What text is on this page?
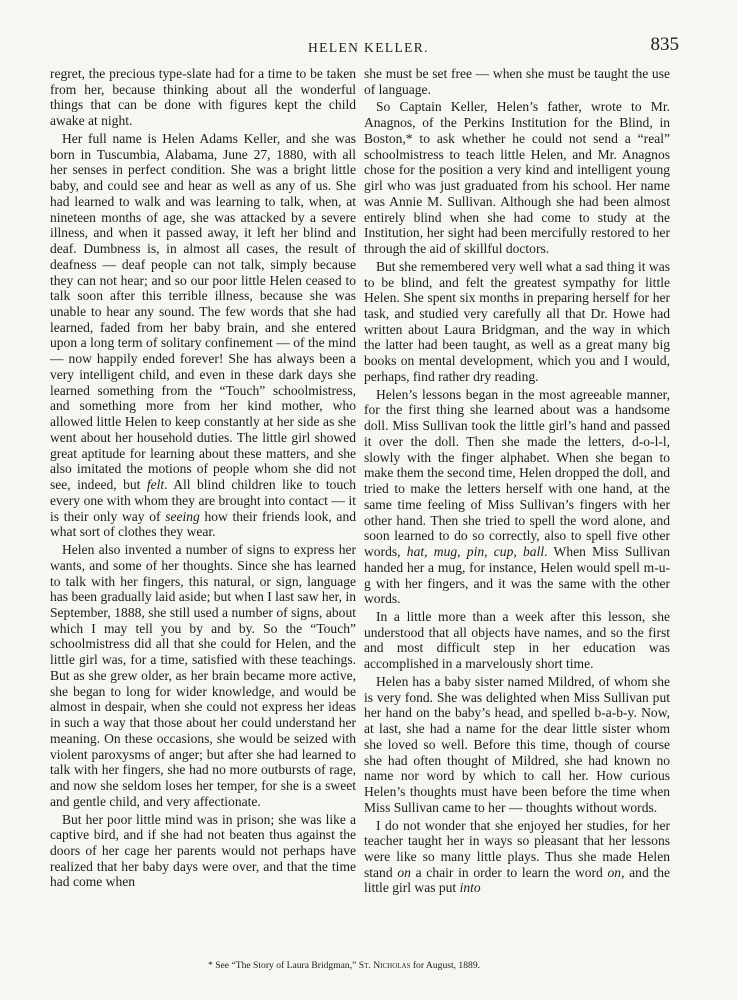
HELEN KELLER.	835

regret, the precious type-slate had for a time to be taken from her, because thinking about all the wonderful things that can be done with figures kept the child awake at night.

Her full name is Helen Adams Keller, and she was born in Tuscumbia, Alabama, June 27, 1880, with all her senses in perfect condition. She was a bright little baby, and could see and hear as well as any of us. She had learned to walk and was learning to talk, when, at nineteen months of age, she was attacked by a severe illness, and when it passed away, it left her blind and deaf. Dumbness is, in almost all cases, the result of deafness — deaf people can not talk, simply because they can not hear; and so our poor little Helen ceased to talk soon after this terrible illness, because she was unable to hear any sound. The few words that she had learned, faded from her baby brain, and she entered upon a long term of solitary confinement — of the mind — now happily ended forever! She has always been a very intelligent child, and even in these dark days she learned something from the “Touch” schoolmistress, and something more from her kind mother, who allowed little Helen to keep constantly at her side as she went about her household duties. The little girl showed great aptitude for learning about these matters, and she also imitated the motions of people whom she did not see, indeed, but felt. All blind children like to touch every one with whom they are brought into contact — it is their only way of seeing how their friends look, and what sort of clothes they wear.

Helen also invented a number of signs to express her wants, and some of her thoughts. Since she has learned to talk with her fingers, this natural, or sign, language has been gradually laid aside; but when I last saw her, in September, 1888, she still used a number of signs, about which I may tell you by and by. So the “Touch” schoolmistress did all that she could for Helen, and the little girl was, for a time, satisfied with these teachings. But as she grew older, as her brain became more active, she began to long for wider knowledge, and would be almost in despair, when she could not express her ideas in such a way that those about her could understand her meaning. On these occasions, she would be seized with violent paroxysms of anger; but after she had learned to talk with her fingers, she had no more outbursts of rage, and now she seldom loses her temper, for she is a sweet and gentle child, and very affectionate.

But her poor little mind was in prison; she was like a captive bird, and if she had not beaten thus against the doors of her cage her parents would not perhaps have realized that her baby days were over, and that the time had come when

she must be set free — when she must be taught the use of language.

So Captain Keller, Helen’s father, wrote to Mr. Anagnos, of the Perkins Institution for the Blind, in Boston,* to ask whether he could not send a “real” schoolmistress to teach little Helen, and Mr. Anagnos chose for the position a very kind and intelligent young girl who was just graduated from his school. Her name was Annie M. Sullivan. Although she had been almost entirely blind when she had come to study at the Institution, her sight had been mercifully restored to her through the aid of skillful doctors.

But she remembered very well what a sad thing it was to be blind, and felt the greatest sympathy for little Helen. She spent six months in preparing herself for her task, and studied very carefully all that Dr. Howe had written about Laura Bridgman, and the way in which the latter had been taught, as well as a great many big books on mental development, which you and I would, perhaps, find rather dry reading.

Helen’s lessons began in the most agreeable manner, for the first thing she learned about was a handsome doll. Miss Sullivan took the little girl’s hand and passed it over the doll. Then she made the letters, d-o-l-l, slowly with the finger alphabet. When she began to make them the second time, Helen dropped the doll, and tried to make the letters herself with one hand, at the same time feeling of Miss Sullivan’s fingers with her other hand. Then she tried to spell the word alone, and soon learned to do so correctly, also to spell five other words, hat, mug, pin, cup, ball. When Miss Sullivan handed her a mug, for instance, Helen would spell m-u-g with her fingers, and it was the same with the other words.

In a little more than a week after this lesson, she understood that all objects have names, and so the first and most difficult step in her education was accomplished in a marvelously short time.

Helen has a baby sister named Mildred, of whom she is very fond. She was delighted when Miss Sullivan put her hand on the baby’s head, and spelled b-a-b-y. Now, at last, she had a name for the dear little sister whom she loved so well. Before this time, though of course she had often thought of Mildred, she had known no name nor word by which to call her. How curious Helen’s thoughts must have been before the time when Miss Sullivan came to her — thoughts without words.

I do not wonder that she enjoyed her studies, for her teacher taught her in ways so pleasant that her lessons were like so many little plays. Thus she made Helen stand on a chair in order to learn the word on, and the little girl was put into

* See “The Story of Laura Bridgman,” St. Nicholas for August, 1889.
